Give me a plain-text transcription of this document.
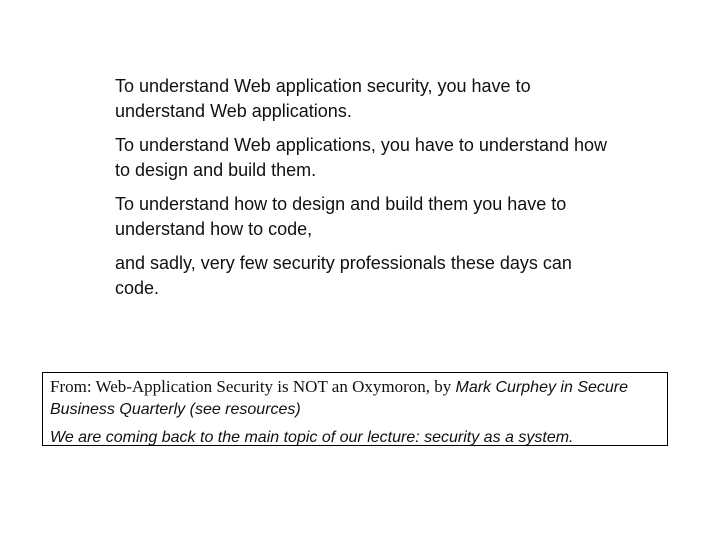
To understand Web application security, you have to understand Web applications.

To understand Web applications, you have to understand how to design and build them.

To understand how to design and build them you have to understand how to code,

and sadly, very few security professionals these days can code.

From: Web-Application Security is NOT an Oxymoron, by Mark Curphey in Secure Business Quarterly (see resources)

We are coming back to the main topic of our lecture: security as a system.
